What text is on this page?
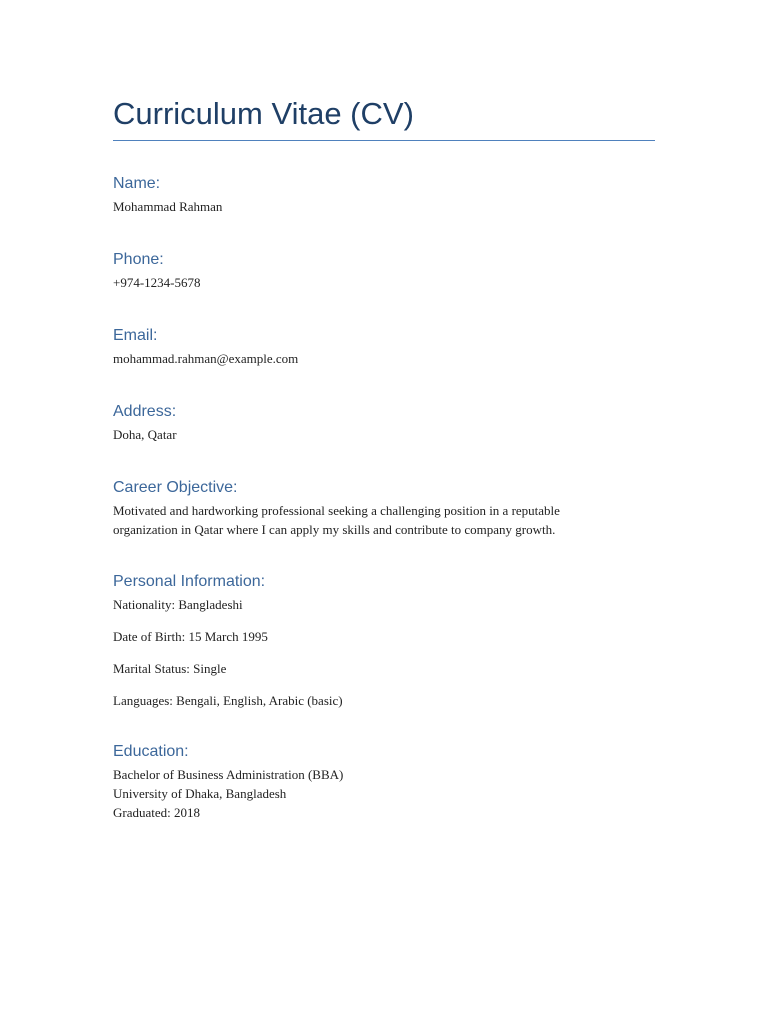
Curriculum Vitae (CV)
Name:

Mohammad Rahman

Phone:

+974-1234-5678

Email:

mohammad.rahman@example.com

Address:

Doha, Qatar

Career Objective:

Motivated and hardworking professional seeking a challenging position in a reputable

organization in Qatar where I can apply my skills and contribute to company growth.

Personal Information:

Nationality: Bangladeshi

Date of Birth: 15 March 1995

Marital Status: Single

Languages: Bengali, English, Arabic (basic)

Education:

Bachelor of Business Administration (BBA)

University of Dhaka, Bangladesh

Graduated: 2018
